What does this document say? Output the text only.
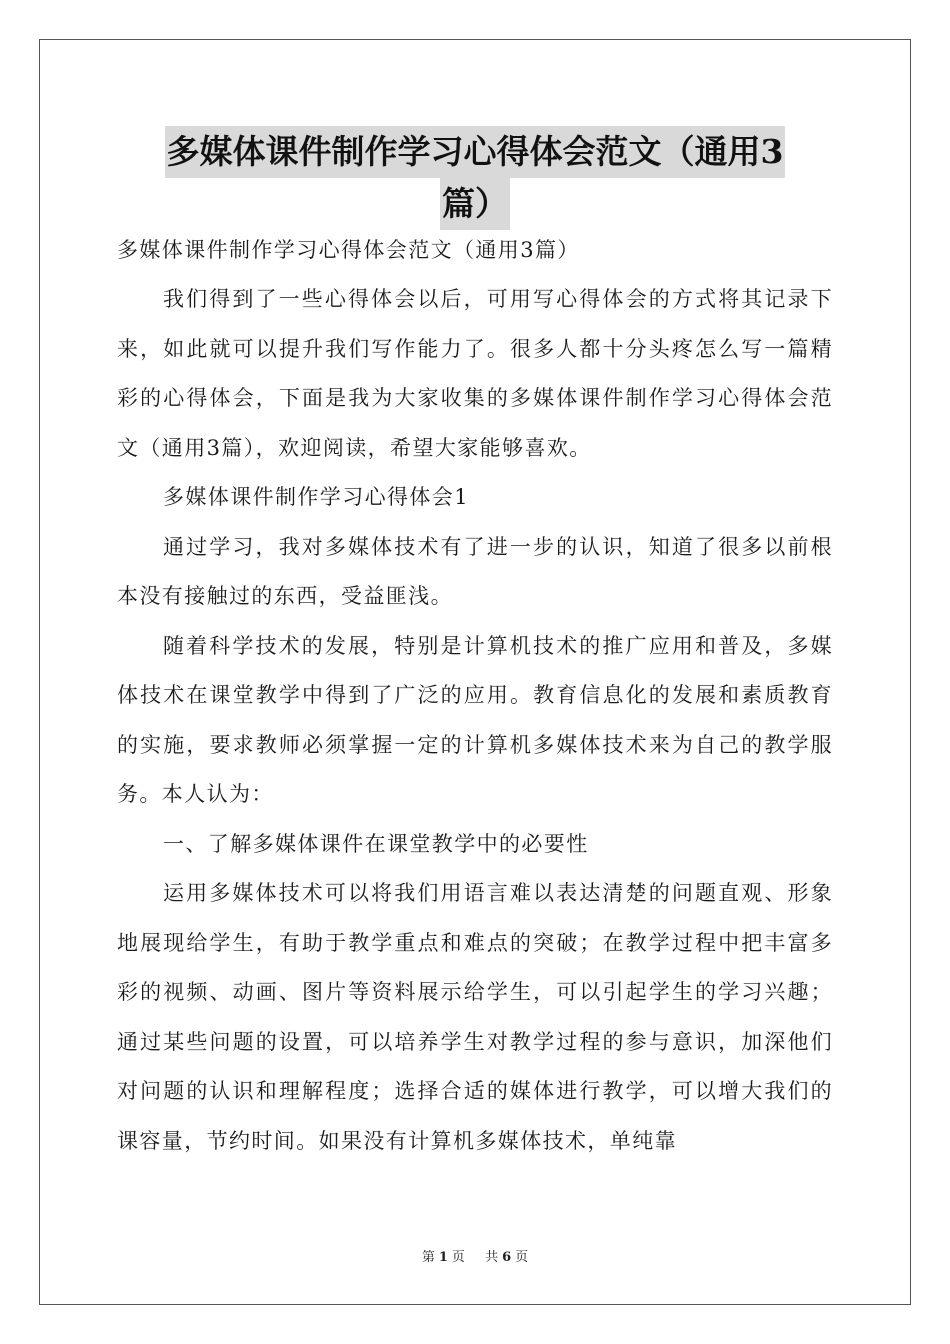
多媒体课件制作学习心得体会范文（通用3
篇）

多媒体课件制作学习心得体会范文（通用3篇）

我们得到了一些心得体会以后，可用写心得体会的方式将其记录下来，如此就可以提升我们写作能力了。很多人都十分头疼怎么写一篇精彩的心得体会，下面是我为大家收集的多媒体课件制作学习心得体会范文（通用3篇），欢迎阅读，希望大家能够喜欢。

多媒体课件制作学习心得体会1

通过学习，我对多媒体技术有了进一步的认识，知道了很多以前根本没有接触过的东西，受益匪浅。

随着科学技术的发展，特别是计算机技术的推广应用和普及，多媒体技术在课堂教学中得到了广泛的应用。教育信息化的发展和素质教育的实施，要求教师必须掌握一定的计算机多媒体技术来为自己的教学服务。本人认为：

一、了解多媒体课件在课堂教学中的必要性

运用多媒体技术可以将我们用语言难以表达清楚的问题直观、形象地展现给学生，有助于教学重点和难点的突破；在教学过程中把丰富多彩的视频、动画、图片等资料展示给学生，可以引起学生的学习兴趣；通过某些问题的设置，可以培养学生对教学过程的参与意识，加深他们对问题的认识和理解程度；选择合适的媒体进行教学，可以增大我们的课容量，节约时间。如果没有计算机多媒体技术，单纯靠

第 1 页 共 6 页
